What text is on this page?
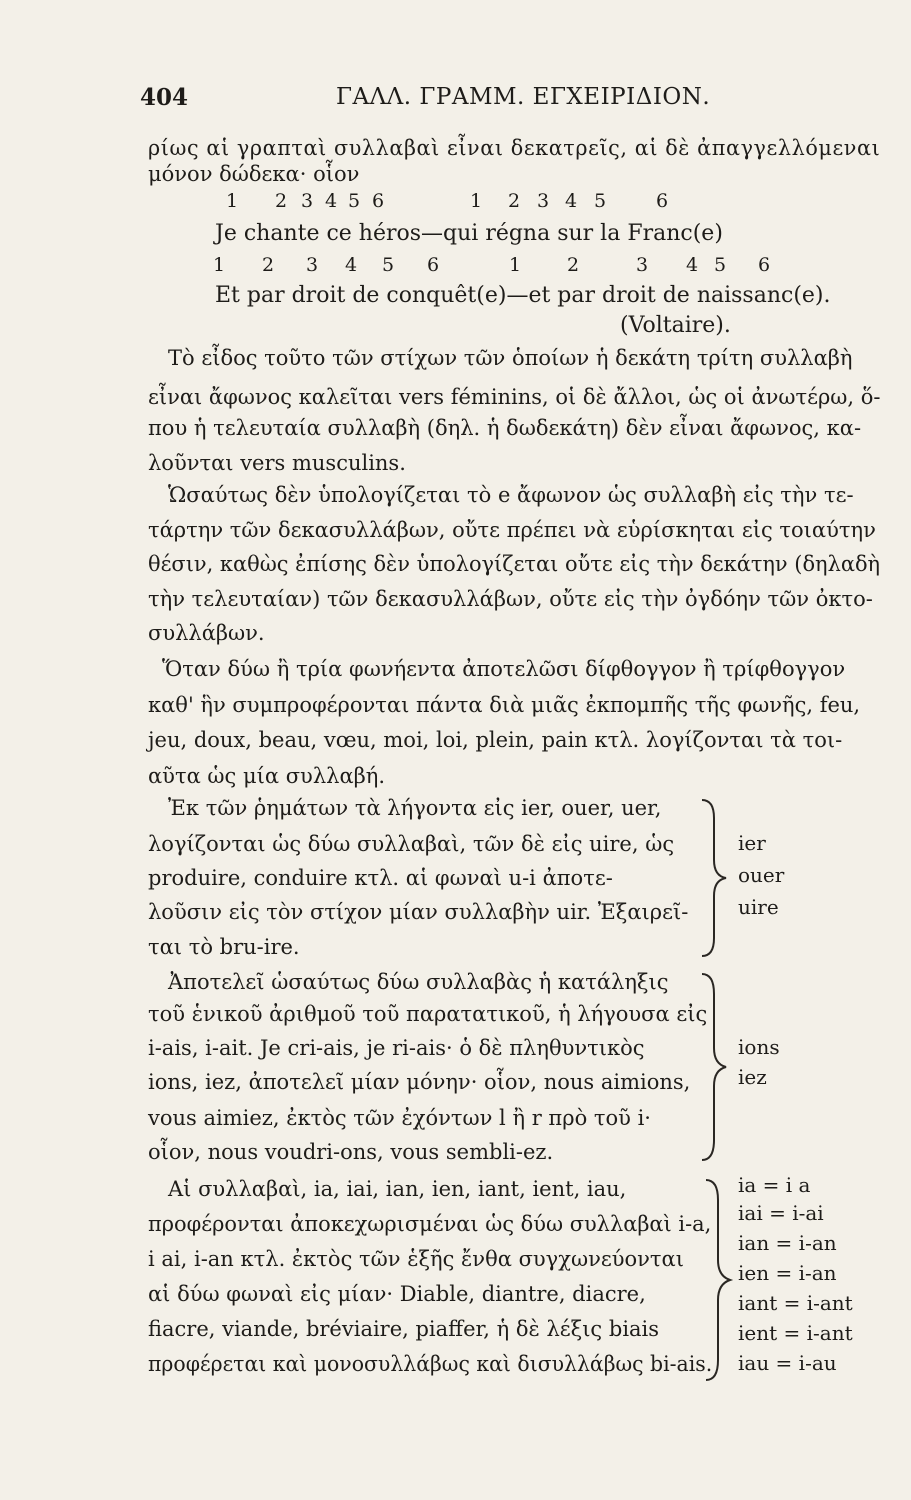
404	ΓΑΛΛ. ΓΡΑΜΜ. ΕΓΧΕΙΡΙΔΙΟΝ.
ρίως αἱ γραπταὶ συλλαβαὶ εἶναι δεκατρεῖς, αἱ δὲ ἀπαγγελλόμεναι
μόνον δώδεκα· οἷον
1 2 3 4 5 6	1 2 3 4 5	6
Je chante ce héros—qui régna sur la Franc(e)
1 2 3 4 5 6	1 2	3 4 5 6
Et par droit de conquêt(e)—et par droit de naissanc(e).
(Voltaire).
Τὸ εἶδος τοῦτο τῶν στίχων τῶν ὁποίων ἡ δεκάτη τρίτη συλλαβὴ
εἶναι ἄφωνος καλεῖται vers féminins, οἱ δὲ ἄλλοι, ὡς οἱ ἀνωτέρω, ὅ-
που ἡ τελευταία συλλαβὴ (δηλ. ἡ δωδεκάτη) δὲν εἶναι ἄφωνος, κα-
λοῦνται vers musculins.
Ὡσαύτως δὲν ὑπολογίζεται τὸ e ἄφωνον ὡς συλλαβὴ εἰς τὴν τε-
τάρτην τῶν δεκασυλλάβων, οὔτε πρέπει νὰ εὑρίσκηται εἰς τοιαύτην
θέσιν, καθὼς ἐπίσης δὲν ὑπολογίζεται οὔτε εἰς τὴν δεκάτην (δηλαδὴ
τὴν τελευταίαν) τῶν δεκασυλλάβων, οὔτε εἰς τὴν ὀγδόην τῶν ὀκτο-
συλλάβων.
Ὅταν δύω ἢ τρία φωνήεντα ἀποτελῶσι δίφθογγον ἢ τρίφθογγον
καθ' ἣν συμπροφέρονται πάντα διὰ μιᾶς ἐκπομπῆς τῆς φωνῆς, feu,
jeu, doux, beau, vœu, moi, loi, plein, pain κτλ. λογίζονται τὰ τοι-
αῦτα ὡς μία συλλαβή.
Ἐκ τῶν ῥημάτων τὰ λήγοντα εἰς ier, ouer, uer,
λογίζονται ὡς δύω συλλαβαὶ, τῶν δὲ εἰς uire, ὡς
produire, conduire κτλ. αἱ φωναὶ u-i ἀποτε-
λοῦσιν εἰς τὸν στίχον μίαν συλλαβὴν uir. Ἐξαιρεῖ-
ται τὸ bru-ire.
ier
ouer
uire
Ἀποτελεῖ ὡσαύτως δύω συλλαβὰς ἡ κατάληξις
τοῦ ἑνικοῦ ἀριθμοῦ τοῦ παρατατικοῦ, ἡ λήγουσα εἰς
i-ais, i-ait. Je cri-ais, je ri-ais· ὁ δὲ πληθυντικὸς
ions, iez, ἀποτελεῖ μίαν μόνην· οἷον, nous aimions,
vous aimiez, ἐκτὸς τῶν ἐχόντων l ἢ r πρὸ τοῦ i·
οἷον, nous voudri-ons, vous sembli-ez.
ions
iez
Αἱ συλλαβαὶ, ia, iai, ian, ien, iant, ient, iau,
προφέρονται ἀποκεχωρισμέναι ὡς δύω συλλαβαὶ i-a,
i ai, i-an κτλ. ἐκτὸς τῶν ἑξῆς ἔνθα συγχωνεύονται
αἱ δύω φωναὶ εἰς μίαν· Diable, diantre, diacre,
fiacre, viande, bréviaire, piaffer, ἡ δὲ λέξις biais
προφέρεται καὶ μονοσυλλάβως καὶ δισυλλάβως bi-ais.
ia = i a
iai = i-ai
ian = i-an
ien = i-an
iant = i-ant
ient = i-ant
iau = i-au
